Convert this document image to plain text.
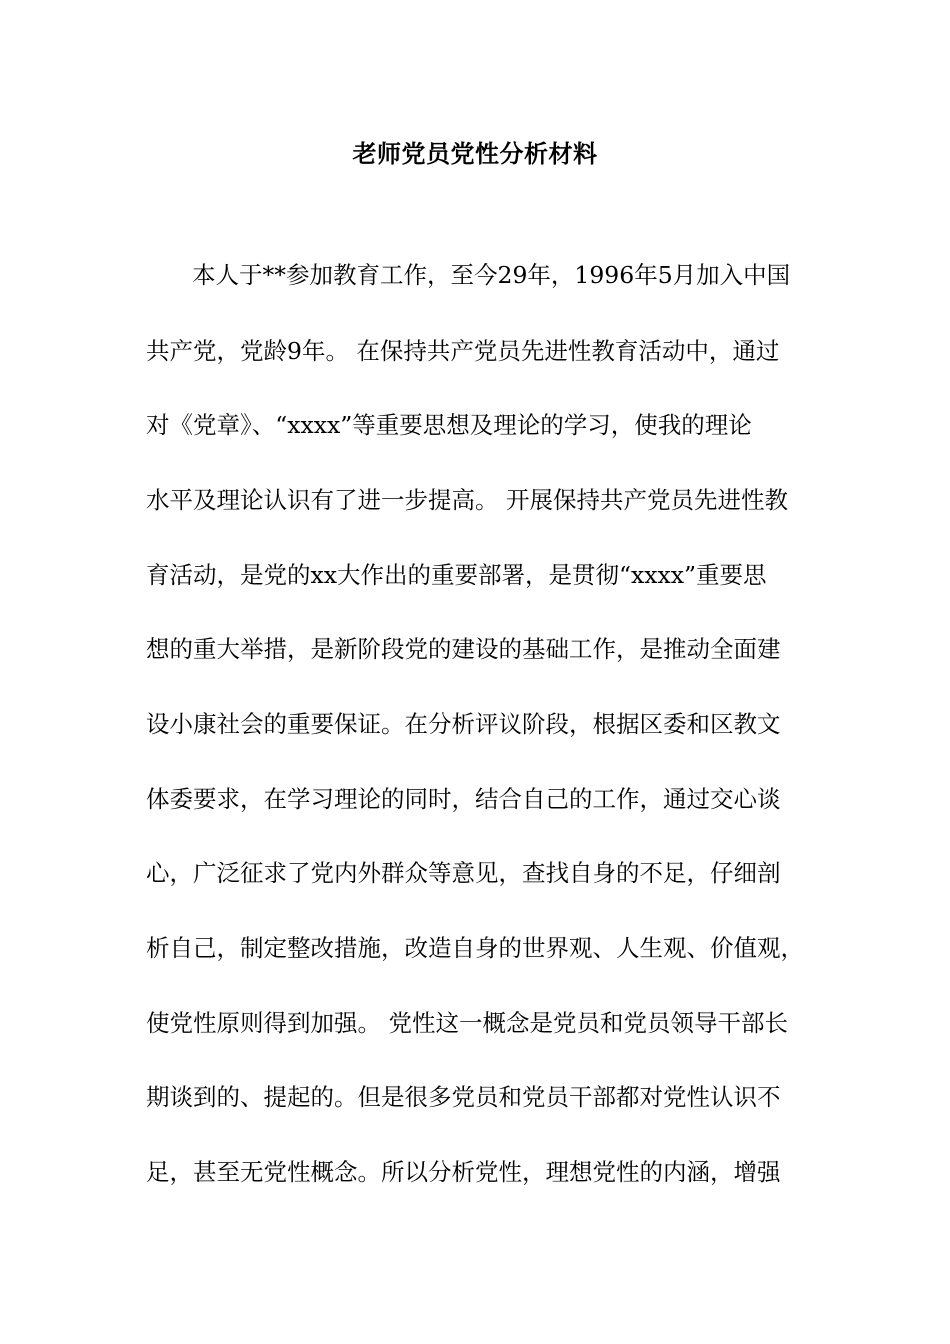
老师党员党性分析材料

本人于**参加教育工作，至今29年，1996年5月加入中国

共产党，党龄9年。 在保持共产党员先进性教育活动中，通过

对《党章》、“xxxx”等重要思想及理论的学习，使我的理论

水平及理论认识有了进一步提高。 开展保持共产党员先进性教

育活动，是党的xx大作出的重要部署，是贯彻“xxxx”重要思

想的重大举措，是新阶段党的建设的基础工作，是推动全面建

设小康社会的重要保证。在分析评议阶段，根据区委和区教文

体委要求，在学习理论的同时，结合自己的工作，通过交心谈

心，广泛征求了党内外群众等意见，查找自身的不足，仔细剖

析自己，制定整改措施，改造自身的世界观、人生观、价值观，

使党性原则得到加强。 党性这一概念是党员和党员领导干部长

期谈到的、提起的。但是很多党员和党员干部都对党性认识不

足，甚至无党性概念。所以分析党性，理想党性的内涵，增强
